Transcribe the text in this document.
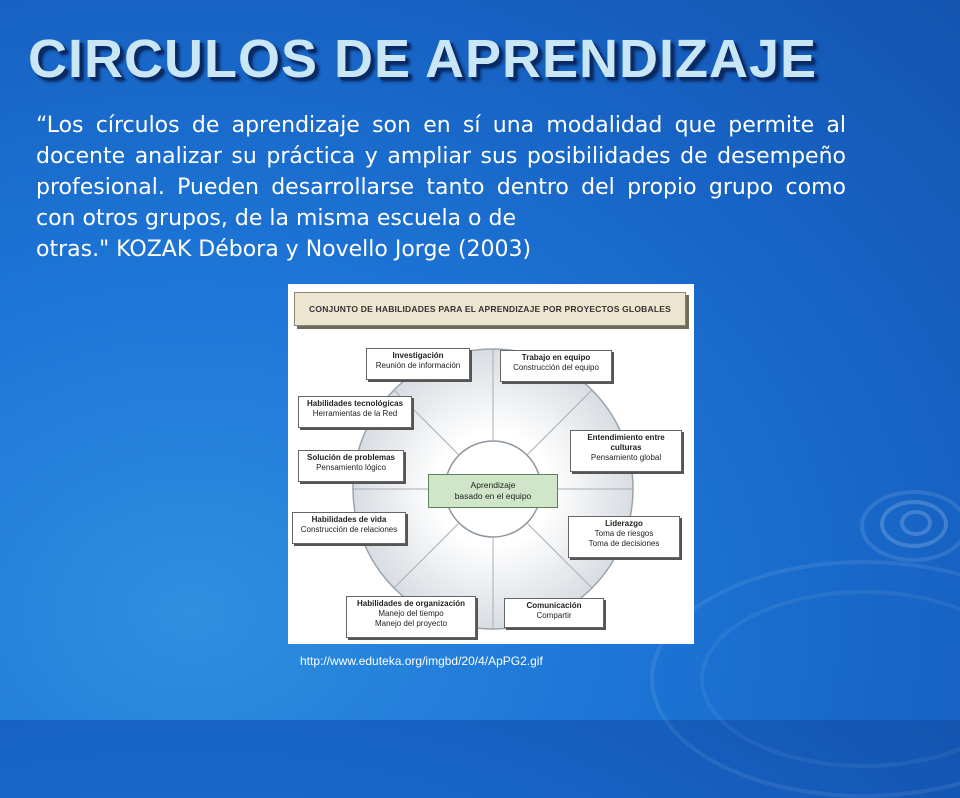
CIRCULOS DE APRENDIZAJE
“Los círculos de aprendizaje son en sí una modalidad que permite al docente analizar su práctica y ampliar sus posibilidades de desempeño profesional. Pueden desarrollarse tanto dentro del propio grupo como con otros grupos, de la misma escuela o de
otras." KOZAK Débora y Novello Jorge (2003)
CONJUNTO DE HABILIDADES PARA EL APRENDIZAJE POR PROYECTOS GLOBALES
Aprendizaje
basado en el equipo
Investigación
Reunión de información
Trabajo en equipo
Construcción del equipo
Habilidades tecnológicas
Herramientas de la Red
Entendimiento entre culturas
Pensamiento global
Solución de problemas
Pensamiento lógico
Liderazgo
Toma de riesgos
Toma de decisiones
Habilidades de vida
Construcción de relaciones
Habilidades de organización
Manejo del tiempo
Manejo del proyecto
Comunicación
Compartir
http://www.eduteka.org/imgbd/20/4/ApPG2.gif
